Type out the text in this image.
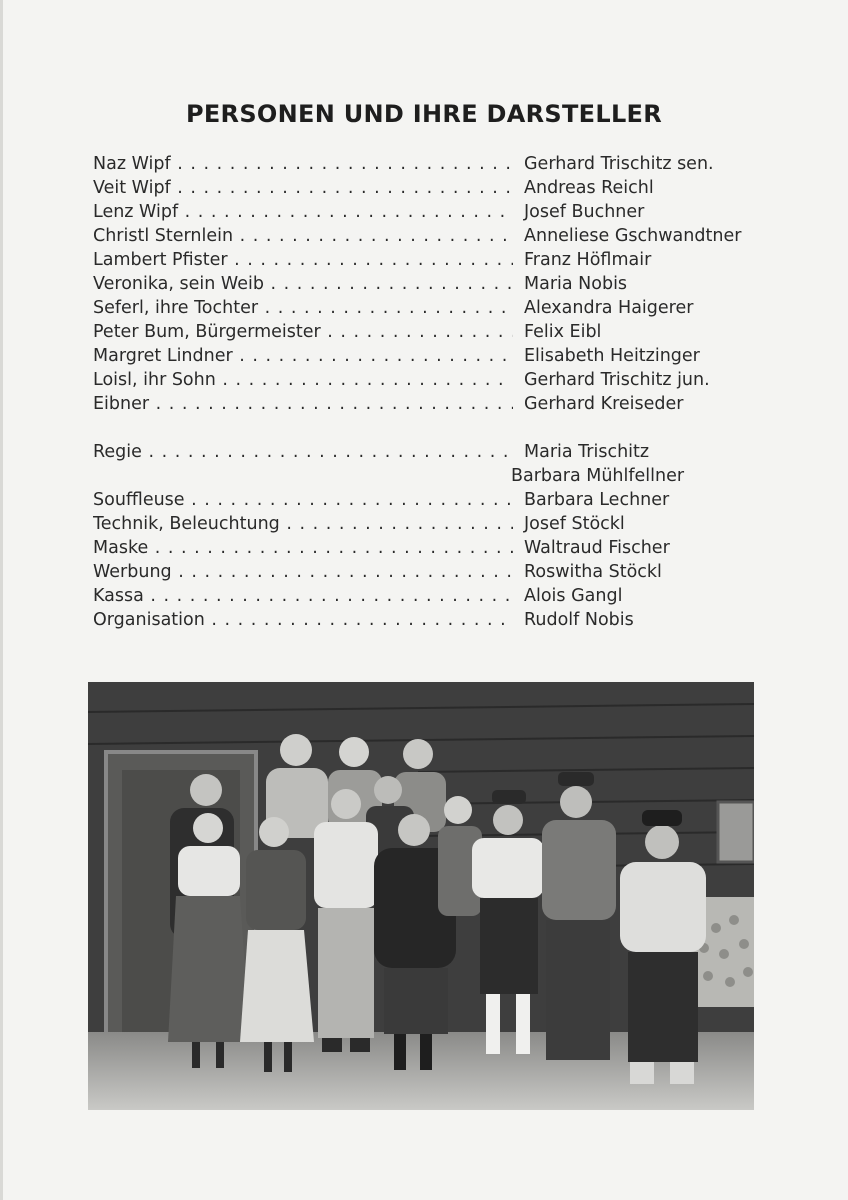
PERSONEN UND IHRE DARSTELLER
Naz Wipf . . .	Gerhard Trischitz sen.
Veit Wipf . . .	Andreas Reichl
Lenz Wipf . . .	Josef Buchner
Christl Sternlein . . .	Anneliese Gschwandtner
Lambert Pfister . . .	Franz Höflmair
Veronika, sein Weib . . .	Maria Nobis
Seferl, ihre Tochter . . .	Alexandra Haigerer
Peter Bum, Bürgermeister . . .	Felix Eibl
Margret Lindner . . .	Elisabeth Heitzinger
Loisl, ihr Sohn . . .	Gerhard Trischitz jun.
Eibner . . .	Gerhard Kreiseder
Regie . . .	Maria Trischitz
Barbara Mühlfellner
Souffleuse . . .	Barbara Lechner
Technik, Beleuchtung . . .	Josef Stöckl
Maske . . .	Waltraud Fischer
Werbung . . .	Roswitha Stöckl
Kassa . . .	Alois Gangl
Organisation . . .	Rudolf Nobis
